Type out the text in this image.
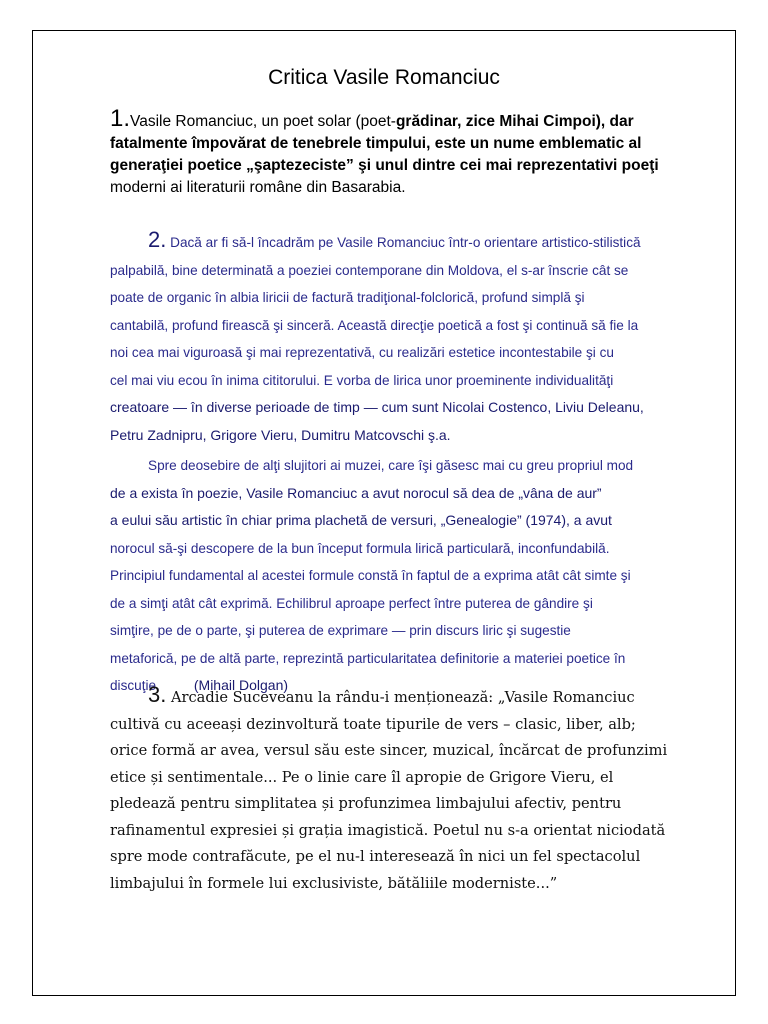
Critica Vasile Romanciuc
1.Vasile Romanciuc, un poet solar (poet-grădinar, zice Mihai Cimpoi), dar
fatalmente împovărat de tenebrele timpului, este un nume emblematic al
generaţiei poetice „şaptezeciste” şi unul dintre cei mai reprezentativi poeţi
moderni ai literaturii române din Basarabia.
2. Dacă ar fi să-l încadrăm pe Vasile Romanciuc într-o orientare artistico-stilistică
palpabilă, bine determinată a poeziei contemporane din Moldova, el s-ar înscrie cât se
poate de organic în albia liricii de factură tradiţional-folclorică, profund simplă şi
cantabilă, profund firească şi sinceră. Această direcţie poetică a fost şi continuă să fie la
noi cea mai viguroasă şi mai reprezentativă, cu realizări estetice incontestabile şi cu
cel mai viu ecou în inima cititorului. E vorba de lirica unor proeminente individualităţi
creatoare — în diverse perioade de timp — cum sunt Nicolai Costenco, Liviu Deleanu,
Petru Zadnipru, Grigore Vieru, Dumitru Matcovschi ş.a.
Spre deosebire de alţi slujitori ai muzei, care îşi găsesc mai cu greu propriul mod
de a exista în poezie, Vasile Romanciuc a avut norocul să dea de „vâna de aur”
a eului său artistic în chiar prima plachetă de versuri, „Genealogie” (1974), a avut
norocul să-şi descopere de la bun început formula lirică particulară, inconfundabilă.
Principiul fundamental al acestei formule constă în faptul de a exprima atât cât simte şi
de a simţi atât cât exprimă. Echilibrul aproape perfect între puterea de gândire şi
simţire, pe de o parte, şi puterea de exprimare — prin discurs liric şi sugestie
metaforică, pe de altă parte, reprezintă particularitatea definitorie a materiei poetice în
discuţie. (Mihail Dolgan)
3. Arcadie Suceveanu la rându-i menționează: „Vasile Romanciuc
cultivă cu aceeași dezinvoltură toate tipurile de vers – clasic, liber, alb;
orice formă ar avea, versul său este sincer, muzical, încărcat de profunzimi
etice și sentimentale... Pe o linie care îl apropie de Grigore Vieru, el
pledează pentru simplitatea și profunzimea limbajului afectiv, pentru
rafinamentul expresiei și grația imagistică. Poetul nu s-a orientat niciodată
spre mode contrafăcute, pe el nu-l interesează în nici un fel spectacolul
limbajului în formele lui exclusiviste, bătăliile moderniste...”
